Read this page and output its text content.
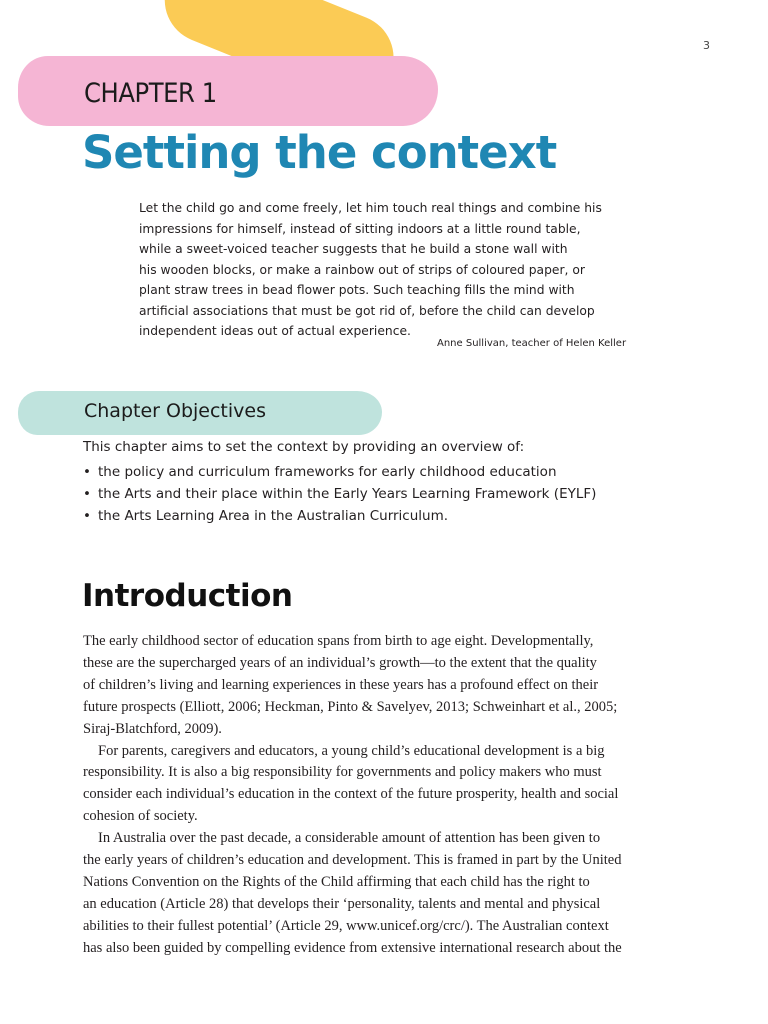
3
CHAPTER 1
Setting the context
Let the child go and come freely, let him touch real things and combine his
impressions for himself, instead of sitting indoors at a little round table,
while a sweet-voiced teacher suggests that he build a stone wall with
his wooden blocks, or make a rainbow out of strips of coloured paper, or
plant straw trees in bead flower pots. Such teaching fills the mind with
artificial associations that must be got rid of, before the child can develop
independent ideas out of actual experience.
Anne Sullivan, teacher of Helen Keller
Chapter Objectives
This chapter aims to set the context by providing an overview of:
• the policy and curriculum frameworks for early childhood education
• the Arts and their place within the Early Years Learning Framework (EYLF)
• the Arts Learning Area in the Australian Curriculum.
Introduction

The early childhood sector of education spans from birth to age eight. Developmentally,
these are the supercharged years of an individual’s growth—to the extent that the quality
of children’s living and learning experiences in these years has a profound effect on their
future prospects (Elliott, 2006; Heckman, Pinto & Savelyev, 2013; Schweinhart et al., 2005;
Siraj-Blatchford, 2009).

For parents, caregivers and educators, a young child’s educational development is a big
responsibility. It is also a big responsibility for governments and policy makers who must
consider each individual’s education in the context of the future prosperity, health and social
cohesion of society.

In Australia over the past decade, a considerable amount of attention has been given to
the early years of children’s education and development. This is framed in part by the United
Nations Convention on the Rights of the Child affirming that each child has the right to
an education (Article 28) that develops their ‘personality, talents and mental and physical
abilities to their fullest potential’ (Article 29, www.unicef.org/crc/). The Australian context
has also been guided by compelling evidence from extensive international research about the
